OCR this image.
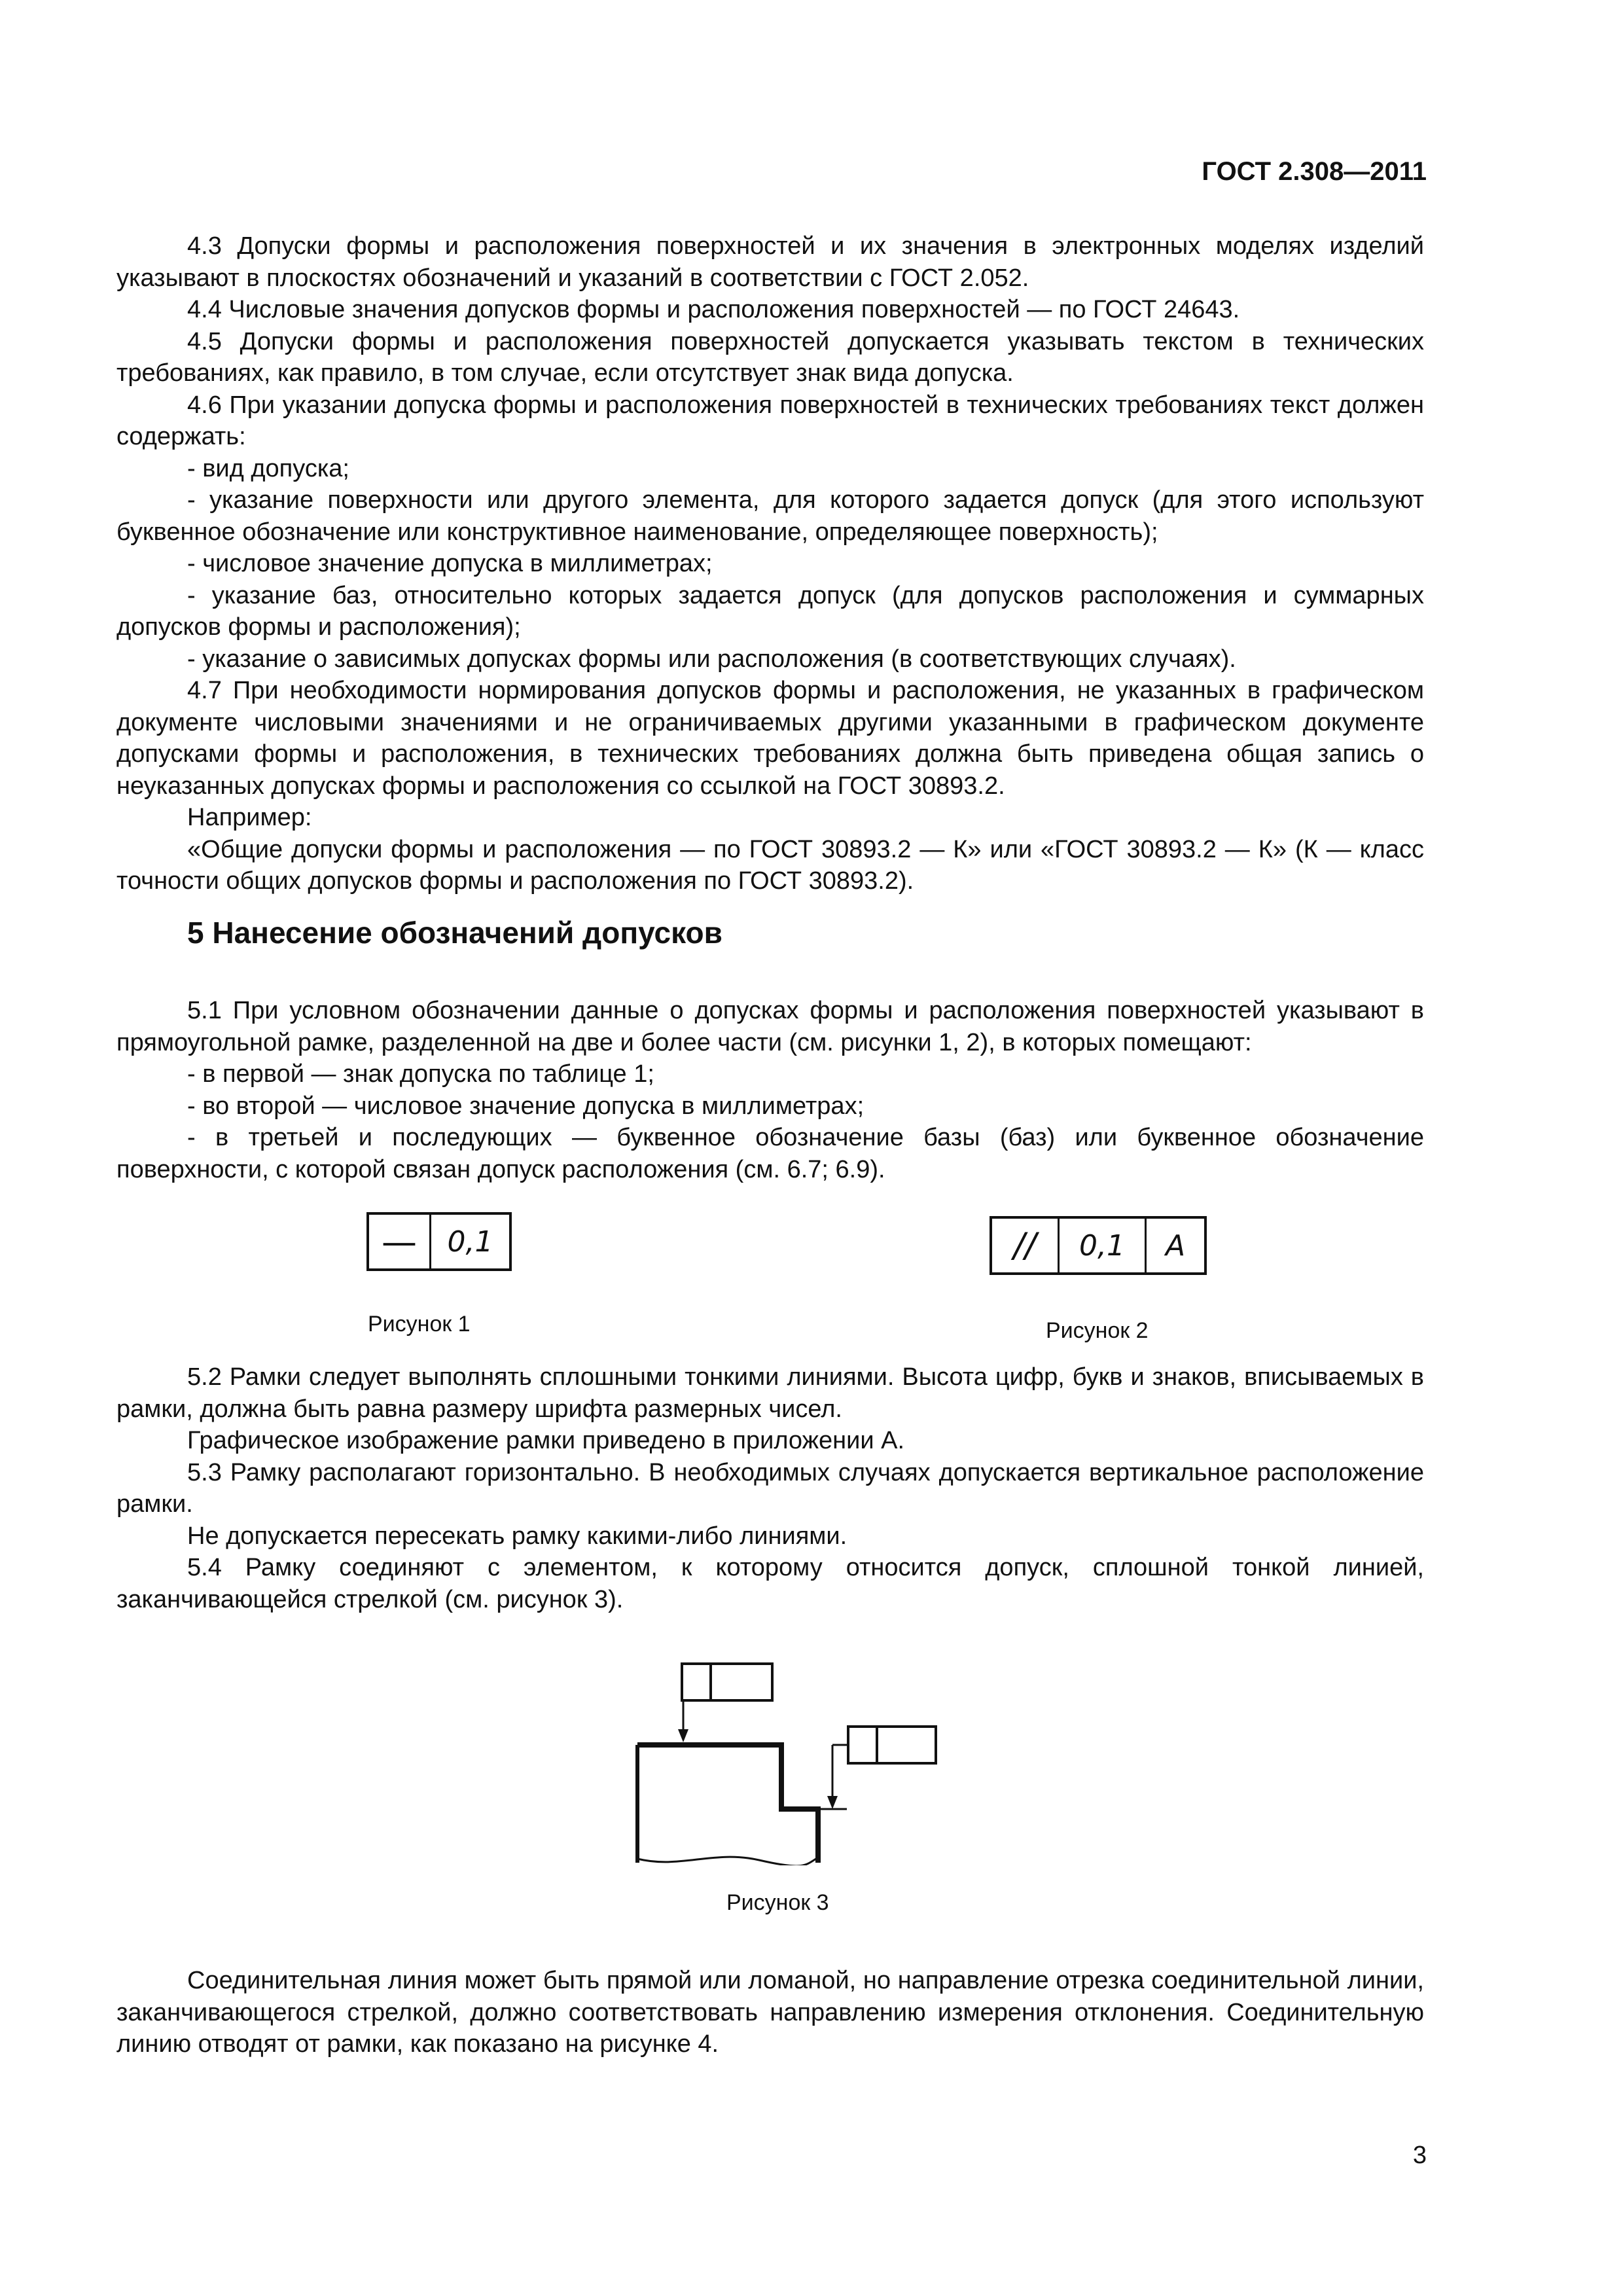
ГОСТ 2.308—2011

4.3 Допуски формы и расположения поверхностей и их значения в электронных моделях изделий указывают в плоскостях обозначений и указаний в соответствии с ГОСТ 2.052.

4.4 Числовые значения допусков формы и расположения поверхностей — по ГОСТ 24643.

4.5 Допуски формы и расположения поверхностей допускается указывать текстом в технических требованиях, как правило, в том случае, если отсутствует знак вида допуска.

4.6 При указании допуска формы и расположения поверхностей в технических требованиях текст должен содержать:

- вид допуска;

- указание поверхности или другого элемента, для которого задается допуск (для этого используют буквенное обозначение или конструктивное наименование, определяющее поверхность);

- числовое значение допуска в миллиметрах;

- указание баз, относительно которых задается допуск (для допусков расположения и суммарных допусков формы и расположения);

- указание о зависимых допусках формы или расположения (в соответствующих случаях).

4.7 При необходимости нормирования допусков формы и расположения, не указанных в графическом документе числовыми значениями и не ограничиваемых другими указанными в графическом документе допусками формы и расположения, в технических требованиях должна быть приведена общая запись о неуказанных допусках формы и расположения со ссылкой на ГОСТ 30893.2.

Например:

«Общие допуски формы и расположения — по ГОСТ 30893.2 — К» или «ГОСТ 30893.2 — К» (К — класс точности общих допусков формы и расположения по ГОСТ 30893.2).

5 Нанесение обозначений допусков

5.1 При условном обозначении данные о допусках формы и расположения поверхностей указывают в прямоугольной рамке, разделенной на две и более части (см. рисунки 1, 2), в которых помещают:

- в первой — знак допуска по таблице 1;

- во второй — числовое значение допуска в миллиметрах;

- в третьей и последующих — буквенное обозначение базы (баз) или буквенное обозначение поверхности, с которой связан допуск расположения (см. 6.7; 6.9).

—	0,1
Рисунок 1
//	0,1	A
Рисунок 2

5.2 Рамки следует выполнять сплошными тонкими линиями. Высота цифр, букв и знаков, вписываемых в рамки, должна быть равна размеру шрифта размерных чисел.

Графическое изображение рамки приведено в приложении А.

5.3 Рамку располагают горизонтально. В необходимых случаях допускается вертикальное расположение рамки.

Не допускается пересекать рамку какими-либо линиями.

5.4 Рамку соединяют с элементом, к которому относится допуск, сплошной тонкой линией, заканчивающейся стрелкой (см. рисунок 3).

Рисунок 3

Соединительная линия может быть прямой или ломаной, но направление отрезка соединительной линии, заканчивающегося стрелкой, должно соответствовать направлению измерения отклонения. Соединительную линию отводят от рамки, как показано на рисунке 4.

3
